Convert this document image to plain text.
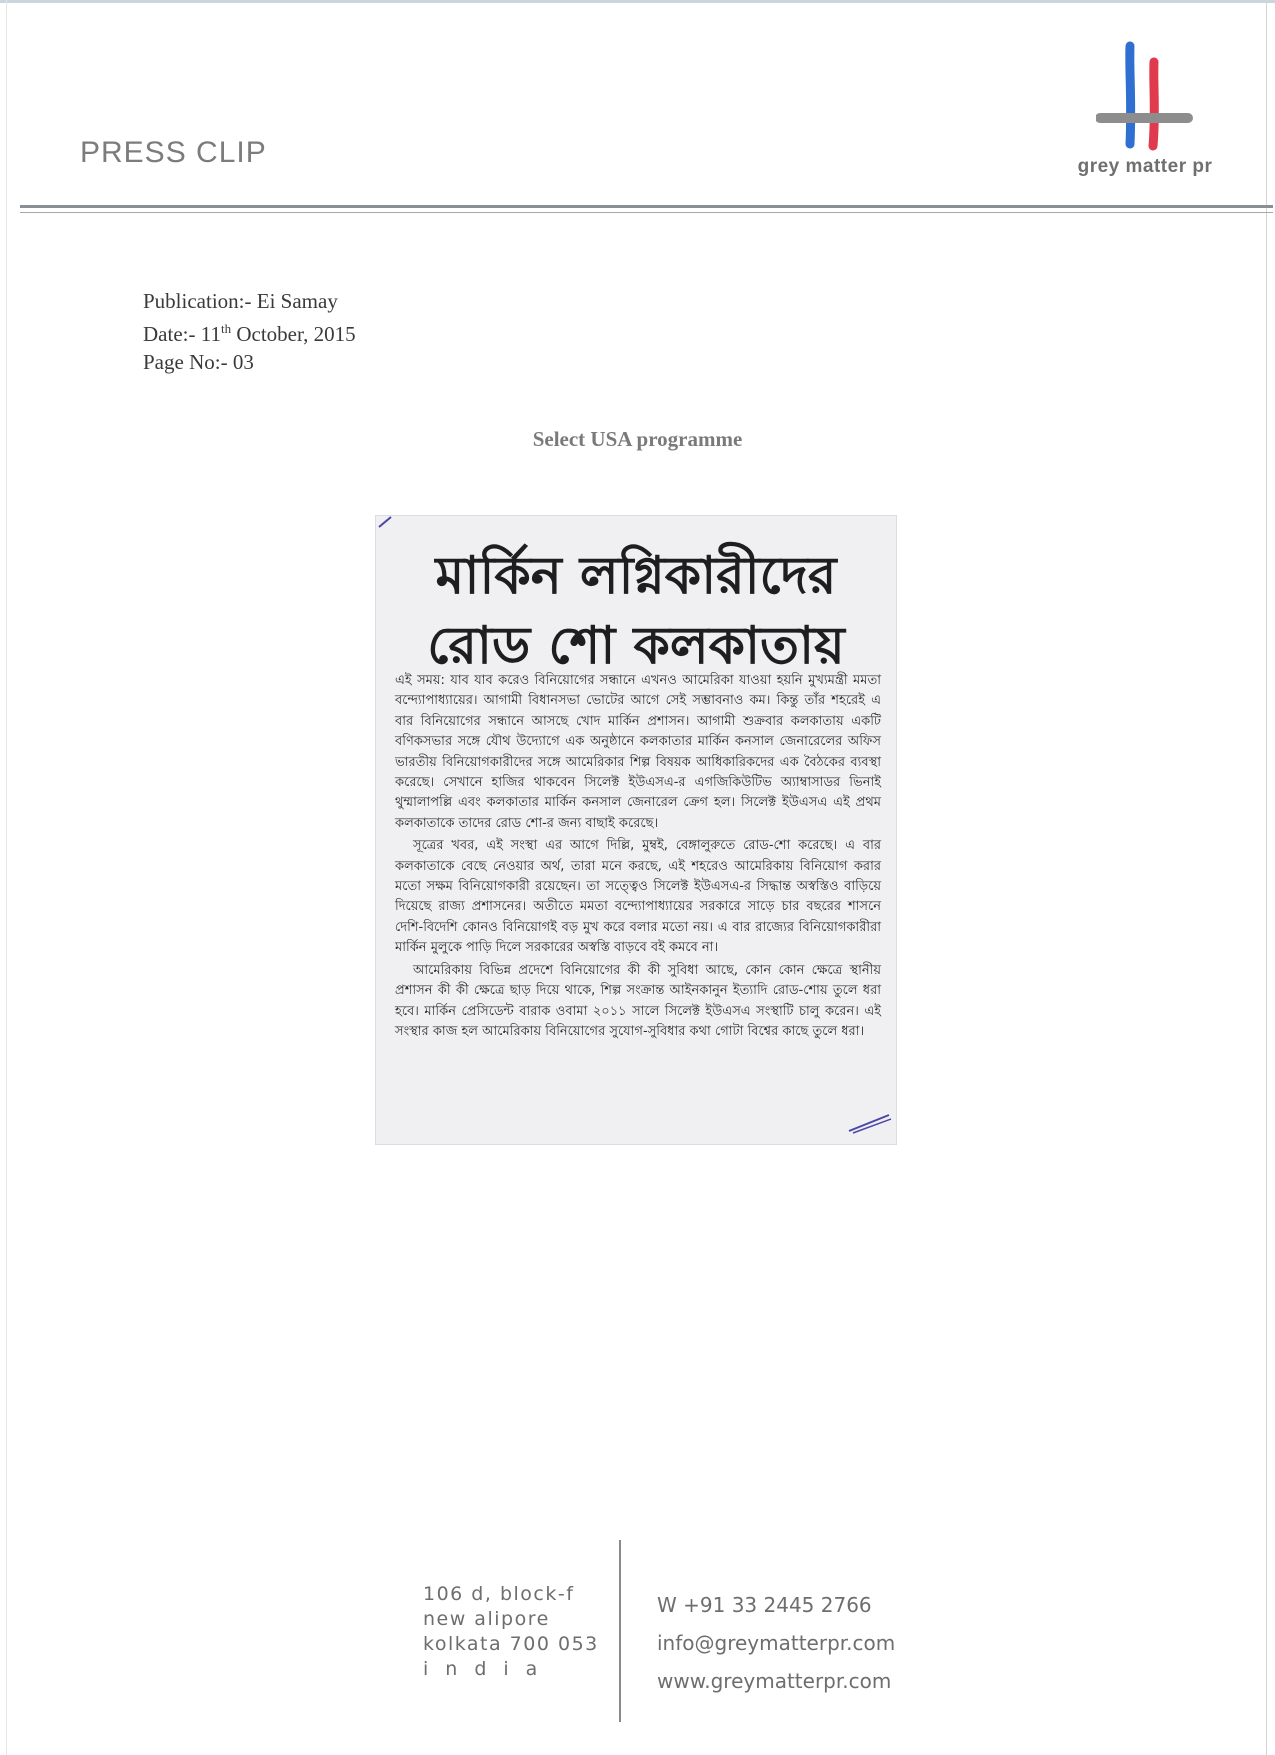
PRESS CLIP	grey matter pr
Publication:- Ei Samay
Date:- 11th October, 2015
Page No:- 03
Select USA programme
মার্কিন লগ্নিকারীদের
রোড শো কলকাতায়

এই সময়: যাব যাব করেও বিনিয়োগের সন্ধানে এখনও আমেরিকা যাওয়া হয়নি মুখ্যমন্ত্রী মমতা বন্দ্যোপাধ্যায়ের। আগামী বিধানসভা ভোটের আগে সেই সম্ভাবনাও কম। কিন্তু তাঁর শহরেই এ বার বিনিয়োগের সন্ধানে আসছে খোদ মার্কিন প্রশাসন। আগামী শুক্রবার কলকাতায় একটি বণিকসভার সঙ্গে যৌথ উদ্যোগে এক অনুষ্ঠানে কলকাতার মার্কিন কনসাল জেনারেলের অফিস ভারতীয় বিনিয়োগকারীদের সঙ্গে আমেরিকার শিল্প বিষয়ক আধিকারিকদের এক বৈঠকের ব্যবস্থা করেছে। সেখানে হাজির থাকবেন সিলেক্ট ইউএসএ-র এগজিকিউটিভ অ্যাম্বাসাডর ভিনাই থুম্মালাপল্লি এবং কলকাতার মার্কিন কনসাল জেনারেল ক্রেগ হল। সিলেক্ট ইউএসএ এই প্রথম কলকাতাকে তাদের রোড শো-র জন্য বাছাই করেছে।

সূত্রের খবর, এই সংস্থা এর আগে দিল্লি, মুম্বই, বেঙ্গালুরুতে রোড-শো করেছে। এ বার কলকাতাকে বেছে নেওয়ার অর্থ, তারা মনে করছে, এই শহরেও আমেরিকায় বিনিয়োগ করার মতো সক্ষম বিনিয়োগকারী রয়েছেন। তা সত্ত্বেও সিলেক্ট ইউএসএ-র সিদ্ধান্ত অস্বস্তিও বাড়িয়ে দিয়েছে রাজ্য প্রশাসনের। অতীতে মমতা বন্দ্যোপাধ্যায়ের সরকারে সাড়ে চার বছরের শাসনে দেশি-বিদেশি কোনও বিনিয়োগই বড় মুখ করে বলার মতো নয়। এ বার রাজ্যের বিনিয়োগকারীরা মার্কিন মুলুকে পাড়ি দিলে সরকারের অস্বস্তি বাড়বে বই কমবে না।

আমেরিকায় বিভিন্ন প্রদেশে বিনিয়োগের কী কী সুবিধা আছে, কোন কোন ক্ষেত্রে স্থানীয় প্রশাসন কী কী ক্ষেত্রে ছাড় দিয়ে থাকে, শিল্প সংক্রান্ত আইনকানুন ইত্যাদি রোড-শোয় তুলে ধরা হবে। মার্কিন প্রেসিডেন্ট বারাক ওবামা ২০১১ সালে সিলেক্ট ইউএসএ সংস্থাটি চালু করেন। এই সংস্থার কাজ হল আমেরিকায় বিনিয়োগের সুযোগ-সুবিধার কথা গোটা বিশ্বের কাছে তুলে ধরা।

106 d, block-f
new alipore
kolkata 700 053
india
W +91 33 2445 2766
info@greymatterpr.com
www.greymatterpr.com
